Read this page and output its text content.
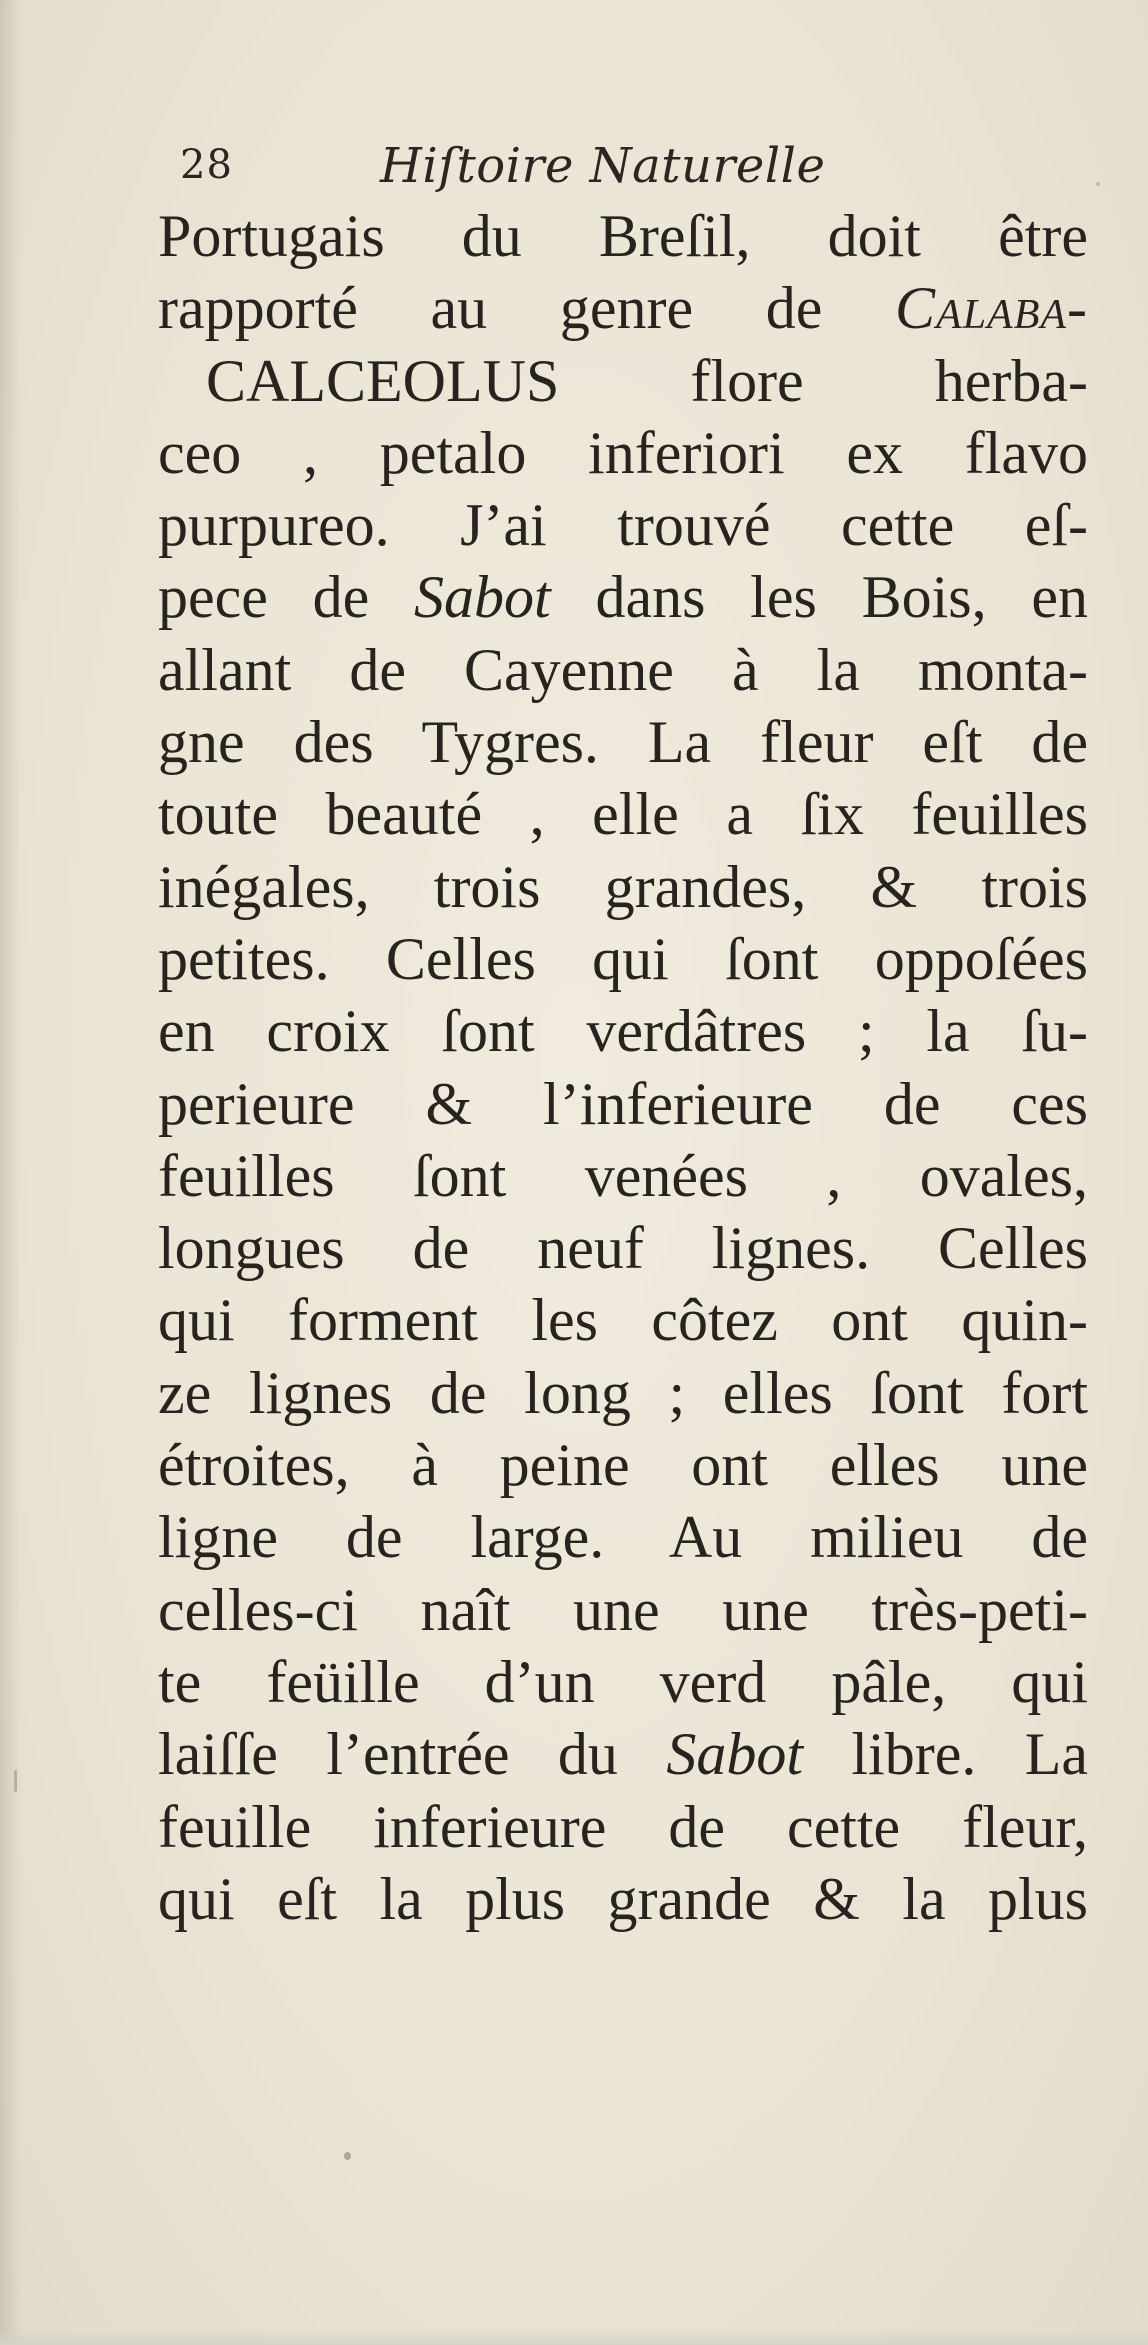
28	Hiſtoire Naturelle
Portugais du Breſil, doit être
rapporté au genre de Calaba-
CALCEOLUS flore herba-
ceo , petalo inferiori ex flavo
purpureo. J’ai trouvé cette eſ-
pece de Sabot dans les Bois, en
allant de Cayenne à la monta-
gne des Tygres. La fleur eſt de
toute beauté , elle a ſix feuilles
inégales, trois grandes, & trois
petites. Celles qui ſont oppoſées
en croix ſont verdâtres ; la ſu-
perieure & l’inferieure de ces
feuilles ſont venées , ovales,
longues de neuf lignes. Celles
qui forment les côtez ont quin-
ze lignes de long ; elles ſont fort
étroites, à peine ont elles une
ligne de large. Au milieu de
celles-ci naît une une très-peti-
te feüille d’un verd pâle, qui
laiſſe l’entrée du Sabot libre. La
feuille inferieure de cette fleur,
qui eſt la plus grande & la plus
